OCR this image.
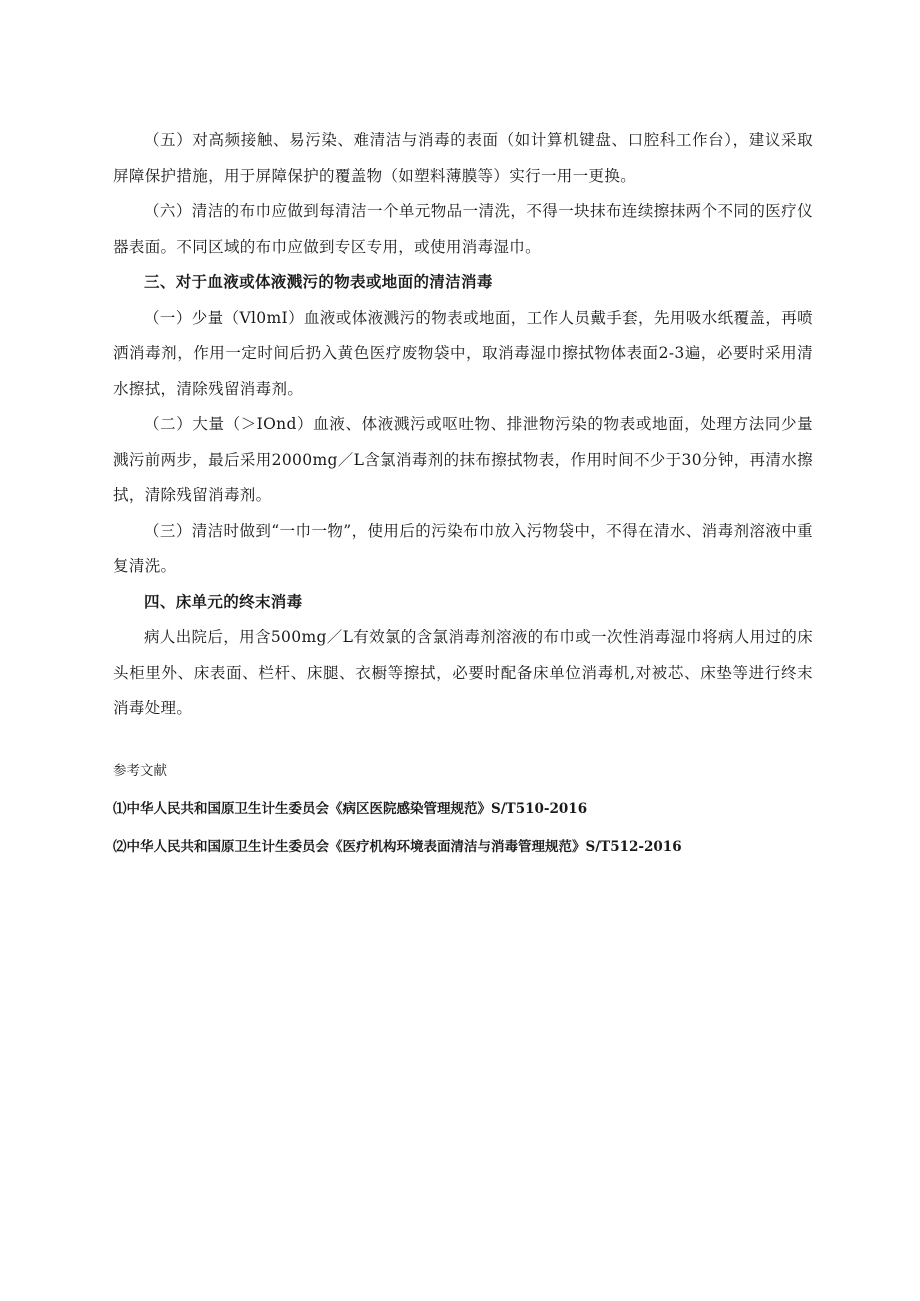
（五）对高频接触、易污染、难清洁与消毒的表面（如计算机键盘、口腔科工作台），建议采取屏障保护措施，用于屏障保护的覆盖物（如塑料薄膜等）实行一用一更换。

（六）清洁的布巾应做到每清洁一个单元物品一清洗，不得一块抹布连续擦抹两个不同的医疗仪器表面。不同区域的布巾应做到专区专用，或使用消毒湿巾。

三、对于血液或体液溅污的物表或地面的清洁消毒

（一）少量（Vl0mI）血液或体液溅污的物表或地面，工作人员戴手套，先用吸水纸覆盖，再喷洒消毒剂，作用一定时间后扔入黄色医疗废物袋中，取消毒湿巾擦拭物体表面2-3遍，必要时采用清水擦拭，清除残留消毒剂。

（二）大量（＞IOnd）血液、体液溅污或呕吐物、排泄物污染的物表或地面，处理方法同少量溅污前两步，最后采用2000mg／L含氯消毒剂的抹布擦拭物表，作用时间不少于30分钟，再清水擦拭，清除残留消毒剂。

（三）清洁时做到“一巾一物”，使用后的污染布巾放入污物袋中，不得在清水、消毒剂溶液中重复清洗。

四、床单元的终末消毒

病人出院后，用含500mg／L有效氯的含氯消毒剂溶液的布巾或一次性消毒湿巾将病人用过的床头柜里外、床表面、栏杆、床腿、衣橱等擦拭，必要时配备床单位消毒机,对被芯、床垫等进行终末消毒处理。

参考文献

⑴中华人民共和国原卫生计生委员会《病区医院感染管理规范》S/T510-2016

⑵中华人民共和国原卫生计生委员会《医疗机构环境表面清洁与消毒管理规范》S/T512-2016
